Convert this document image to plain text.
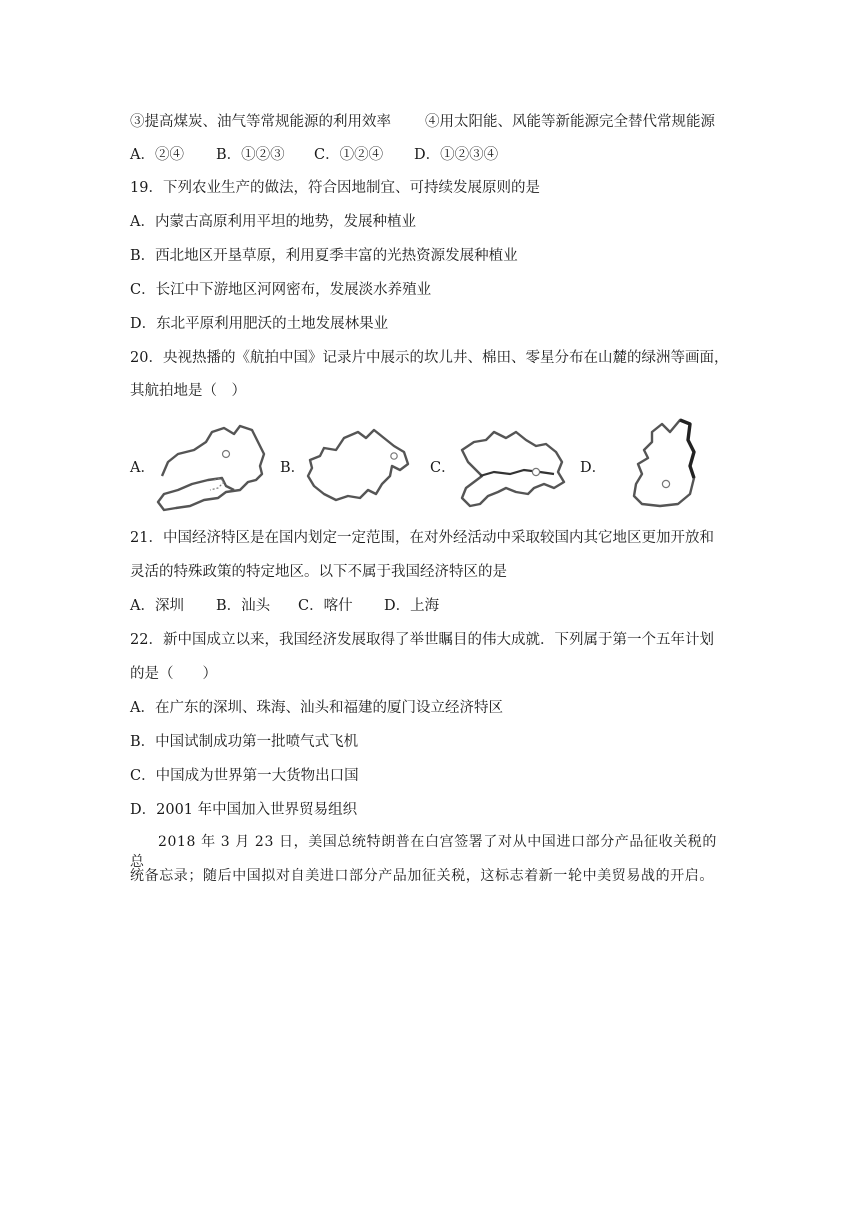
③提高煤炭、油气等常规能源的利用效率 ④用太阳能、风能等新能源完全替代常规能源
A．②④ B．①②③ C．①②④ D．①②③④
19．下列农业生产的做法，符合因地制宜、可持续发展原则的是
A．内蒙古高原利用平坦的地势，发展种植业
B．西北地区开垦草原，利用夏季丰富的光热资源发展种植业
C．长江中下游地区河网密布，发展淡水养殖业
D．东北平原利用肥沃的土地发展林果业
20．央视热播的《航拍中国》记录片中展示的坎儿井、棉田、零星分布在山麓的绿洲等画面，
其航拍地是（　）
A．	B．	C．	D．
21．中国经济特区是在国内划定一定范围，在对外经活动中采取较国内其它地区更加开放和
灵活的特殊政策的特定地区。以下不属于我国经济特区的是
A．深圳 B．汕头 C．喀什 D．上海
22．新中国成立以来，我国经济发展取得了举世瞩目的伟大成就．下列属于第一个五年计划
的是（　　）
A．在广东的深圳、珠海、汕头和福建的厦门设立经济特区
B．中国试制成功第一批喷气式飞机
C．中国成为世界第一大货物出口国
D．2001 年中国加入世界贸易组织
2018 年 3 月 23 日，美国总统特朗普在白宫签署了对从中国进口部分产品征收关税的总
统备忘录；随后中国拟对自美进口部分产品加征关税，这标志着新一轮中美贸易战的开启。
